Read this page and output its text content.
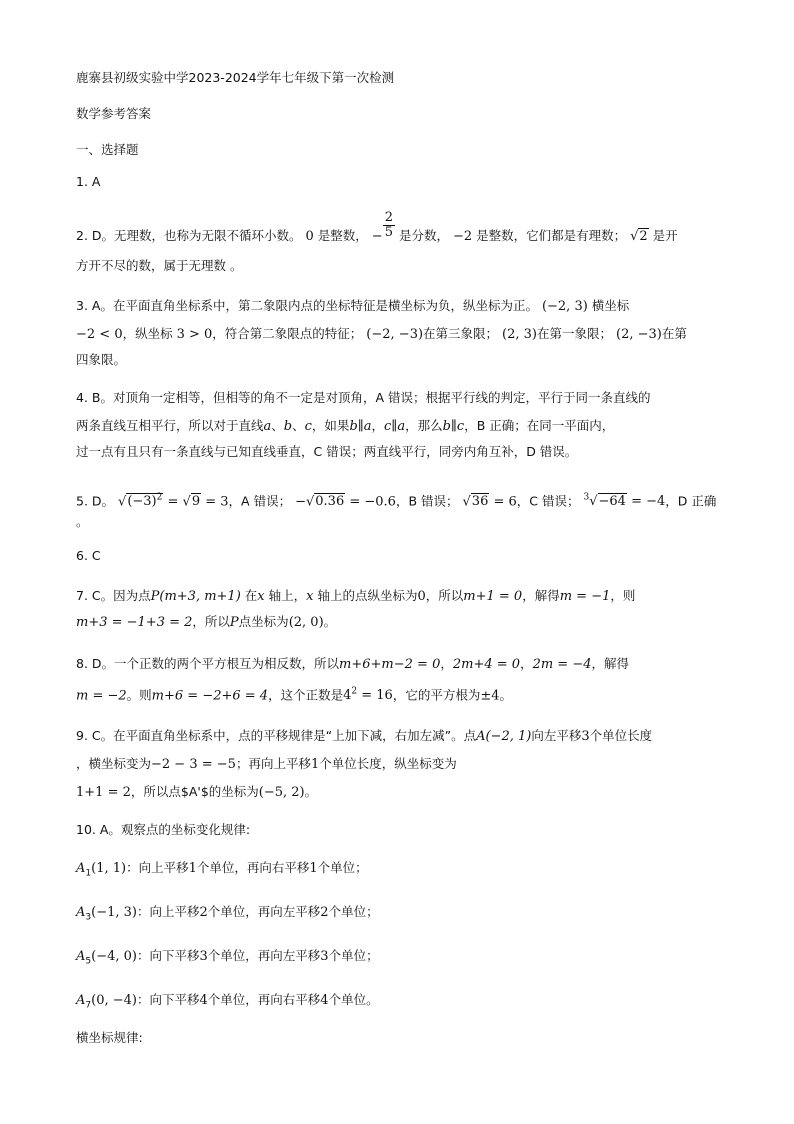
鹿寨县初级实验中学2023-2024学年七年级下第一次检测
数学参考答案
一、选择题
1. A
2. D。无理数，也称为无限不循环小数。 0 是整数， − $\frac{2}{5}$ 是分数， −2 是整数，它们都是有理数； √2 是开
方开不尽的数，属于无理数 。
3. A。在平面直角坐标系中，第二象限内点的坐标特征是横坐标为负，纵坐标为正。 (−2, 3) 横坐标
−2 < 0，纵坐标 3 > 0，符合第二象限点的特征； (−2, −3)在第三象限； (2, 3)在第一象限； (2, −3)在第
四象限。
4. B。对顶角一定相等，但相等的角不一定是对顶角，A 错误；根据平行线的判定，平行于同一条直线的
两条直线互相平行，所以对于直线a、b、c，如果b∥a，c∥a，那么b∥c，B 正确；在同一平面内，
过一点有且只有一条直线与已知直线垂直，C 错误；两直线平行，同旁内角互补，D 错误。
5. D。 $√(-3)^2 = √9 = 3$，A 错误； −√0.36 = −0.6，B 错误； √36 = 6，C 错误； $^3$√−64 = −4，D 正确
。
6. C
7. C。因为点P(m+3, m+1) 在x 轴上，x 轴上的点纵坐标为0，所以m+1 = 0，解得m = −1，则
m+3 = −1+3 = 2，所以P点坐标为(2, 0)。
8. D。一个正数的两个平方根互为相反数，所以m+6+m−2 = 0，2m+4 = 0，2m = −4，解得
m = −2。则m+6 = −2+6 = 4，这个正数是$4^2 = 16$，它的平方根为±4。
9. C。在平面直角坐标系中，点的平移规律是“上加下减，右加左减”。点A(−2, 1)向左平移3个单位长度
，横坐标变为−2 − 3 = −5；再向上平移1个单位长度，纵坐标变为
1+1 = 2，所以点$A'$的坐标为(−5, 2)。
10. A。观察点的坐标变化规律:
$A_1(1$, 1)：向上平移1个单位，再向右平移1个单位；
$A_3(-1$, 3)：向上平移2个单位，再向左平移2个单位；
$A_5(-4$, 0)：向下平移3个单位，再向左平移3个单位；
$A_7(0$, −4)：向下平移4个单位，再向右平移4个单位。
横坐标规律:
